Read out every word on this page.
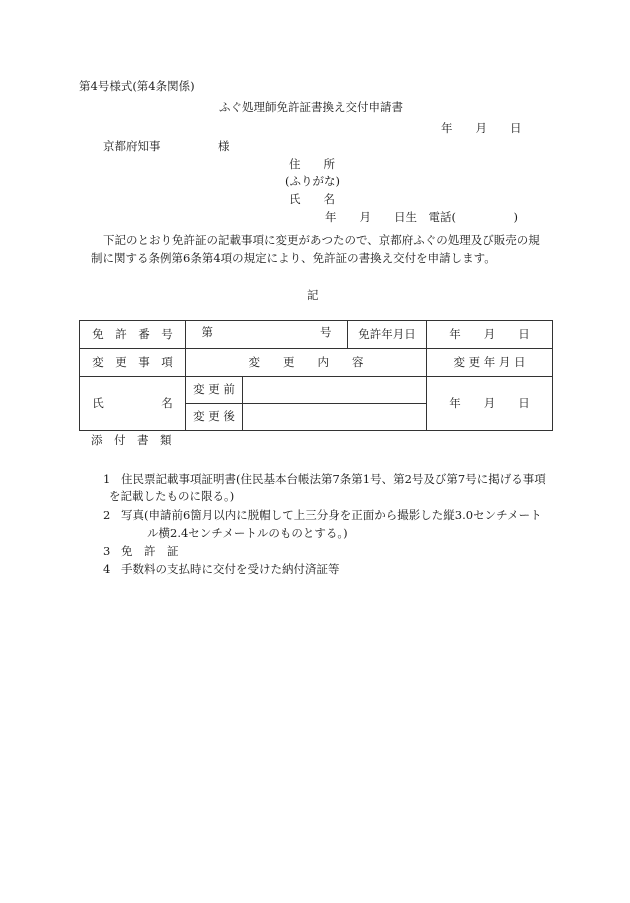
第4号様式(第4条関係)
ふぐ処理師免許証書換え交付申請書
年　　月　　日
京都府知事　　　　　様
住　　所
(ふりがな)
氏　　名
年　　月　　日生　電話(　　　　　)
下記のとおり免許証の記載事項に変更があつたので、京都府ふぐの処理及び販売の規
制に関する条例第6条第4項の規定により、免許証の書換え交付を申請します。
記
免　許　番　号	第 号		免許年月日	年　　月　　日
変　更　事　項	変　　更　　内　　容			変 更 年 月 日
氏　　　　　名	変 更 前			年　　月　　日
	変 更 後			
添　付　書　類
1 住民票記載事項証明書(住民基本台帳法第7条第1号、第2号及び第7号に掲げる事項
を記載したものに限る。)
2 写真(申請前6箇月以内に脱帽して上三分身を正面から撮影した縦3.0センチメート
ル横2.4センチメートルのものとする。)
3 免　許　証
4 手数料の支払時に交付を受けた納付済証等
